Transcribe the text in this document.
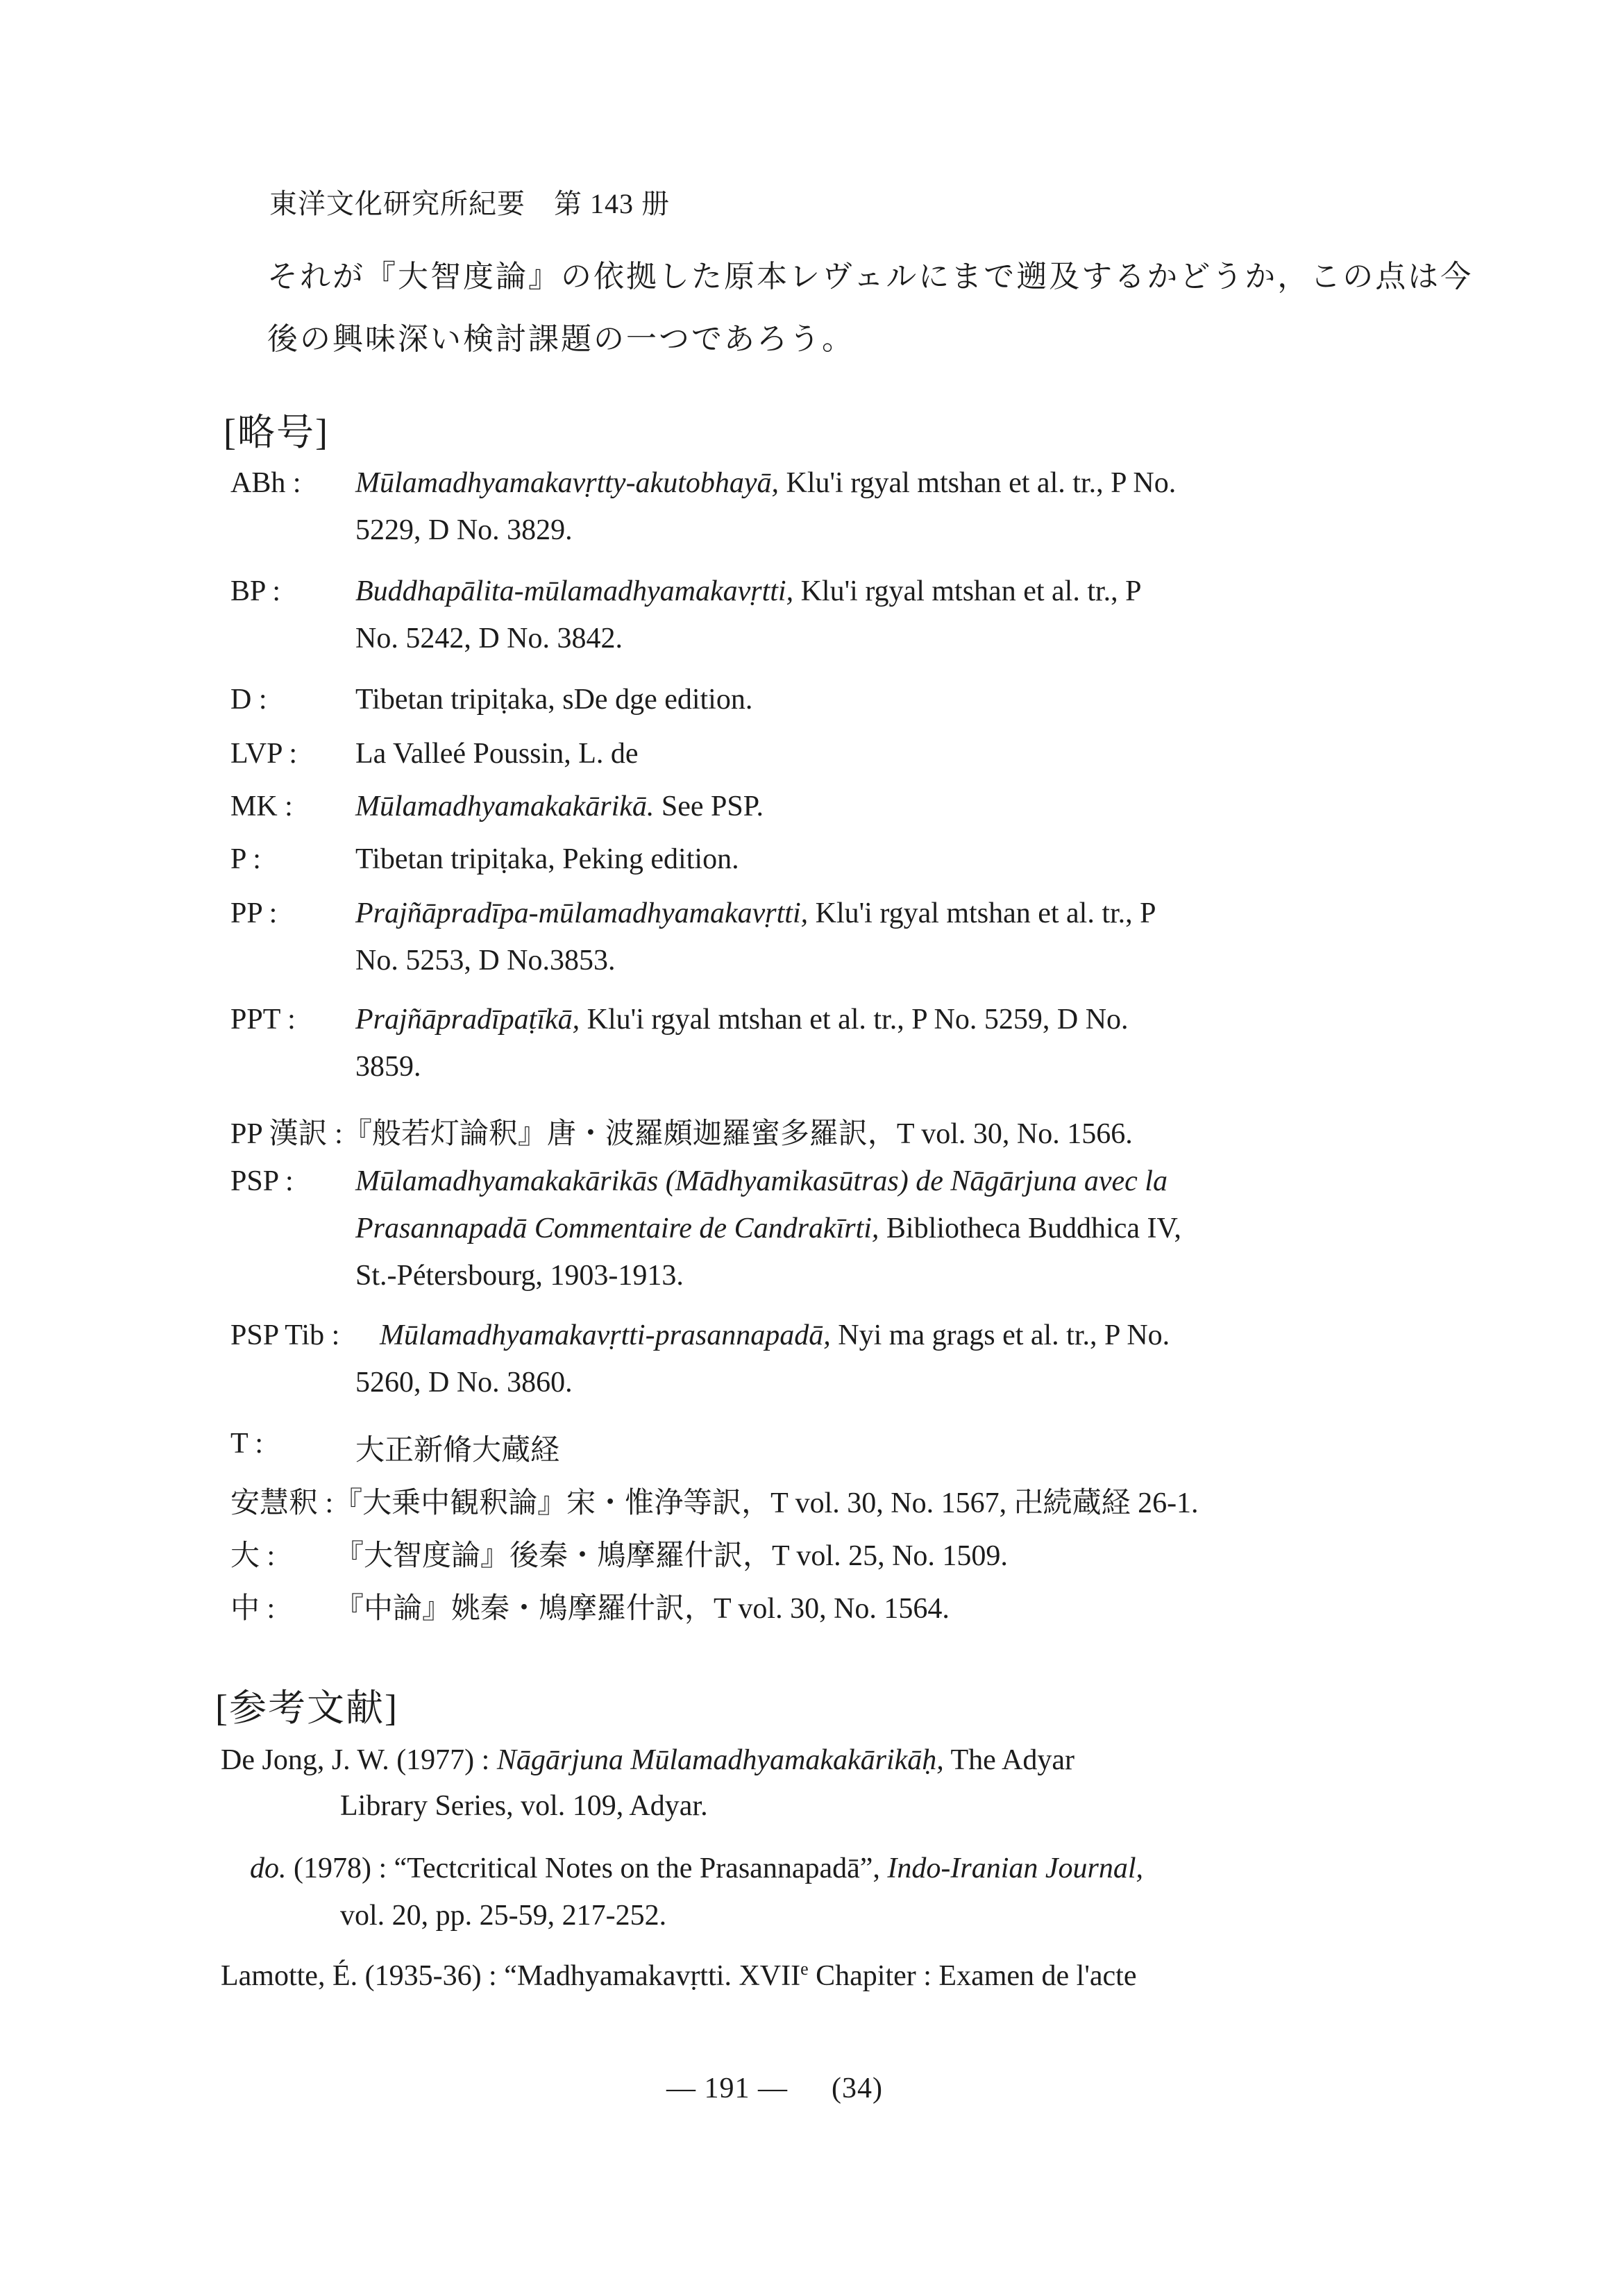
東洋文化研究所紀要　第 143 册
それが『大智度論』の依拠した原本レヴェルにまで遡及するかどうか，この点は今
後の興味深い検討課題の一つであろう。
[略号]
ABh : Mūlamadhyamakavṛtty-akutobhayā, Klu'i rgyal mtshan et al. tr., P No.
5229, D No. 3829.
BP :	Buddhapālita-mūlamadhyamakavṛtti, Klu'i rgyal mtshan et al. tr., P
No. 5242, D No. 3842.
D :	Tibetan tripiṭaka, sDe dge edition.
LVP : La Valleé Poussin, L. de
MK : Mūlamadhyamakakārikā. See PSP.
P :	Tibetan tripiṭaka, Peking edition.
PP :	Prajñāpradīpa-mūlamadhyamakavṛtti, Klu'i rgyal mtshan et al. tr., P
No. 5253, D No.3853.
PPT : Prajñāpradīpaṭīkā, Klu'i rgyal mtshan et al. tr., P No. 5259, D No.
3859.
PP 漢訳 :『般若灯論釈』唐・波羅頗迦羅蜜多羅訳，T vol. 30, No. 1566.
PSP : Mūlamadhyamakakārikās (Mādhyamikasūtras) de Nāgārjuna avec la
Prasannapadā Commentaire de Candrakīrti, Bibliotheca Buddhica IV,
St.-Pétersbourg, 1903-1913.
PSP Tib : Mūlamadhyamakavṛtti-prasannapadā, Nyi ma grags et al. tr., P No.
5260, D No. 3860.
T :	大正新脩大蔵経
安慧釈 :『大乗中観釈論』宋・惟浄等訳，T vol. 30, No. 1567, 卍続蔵経 26-1.
大 : 『大智度論』後秦・鳩摩羅什訳，T vol. 25, No. 1509.
中 : 『中論』姚秦・鳩摩羅什訳，T vol. 30, No. 1564.
[参考文献]
De Jong, J. W. (1977) : Nāgārjuna Mūlamadhyamakakārikāḥ, The Adyar
Library Series, vol. 109, Adyar.
do. (1978) : “Tectcritical Notes on the Prasannapadā”, Indo-Iranian Journal,
vol. 20, pp. 25-59, 217-252.
Lamotte, É. (1935-36) : “Madhyamakavṛtti. XVIIe Chapiter : Examen de l'acte
— 191 — (34)
